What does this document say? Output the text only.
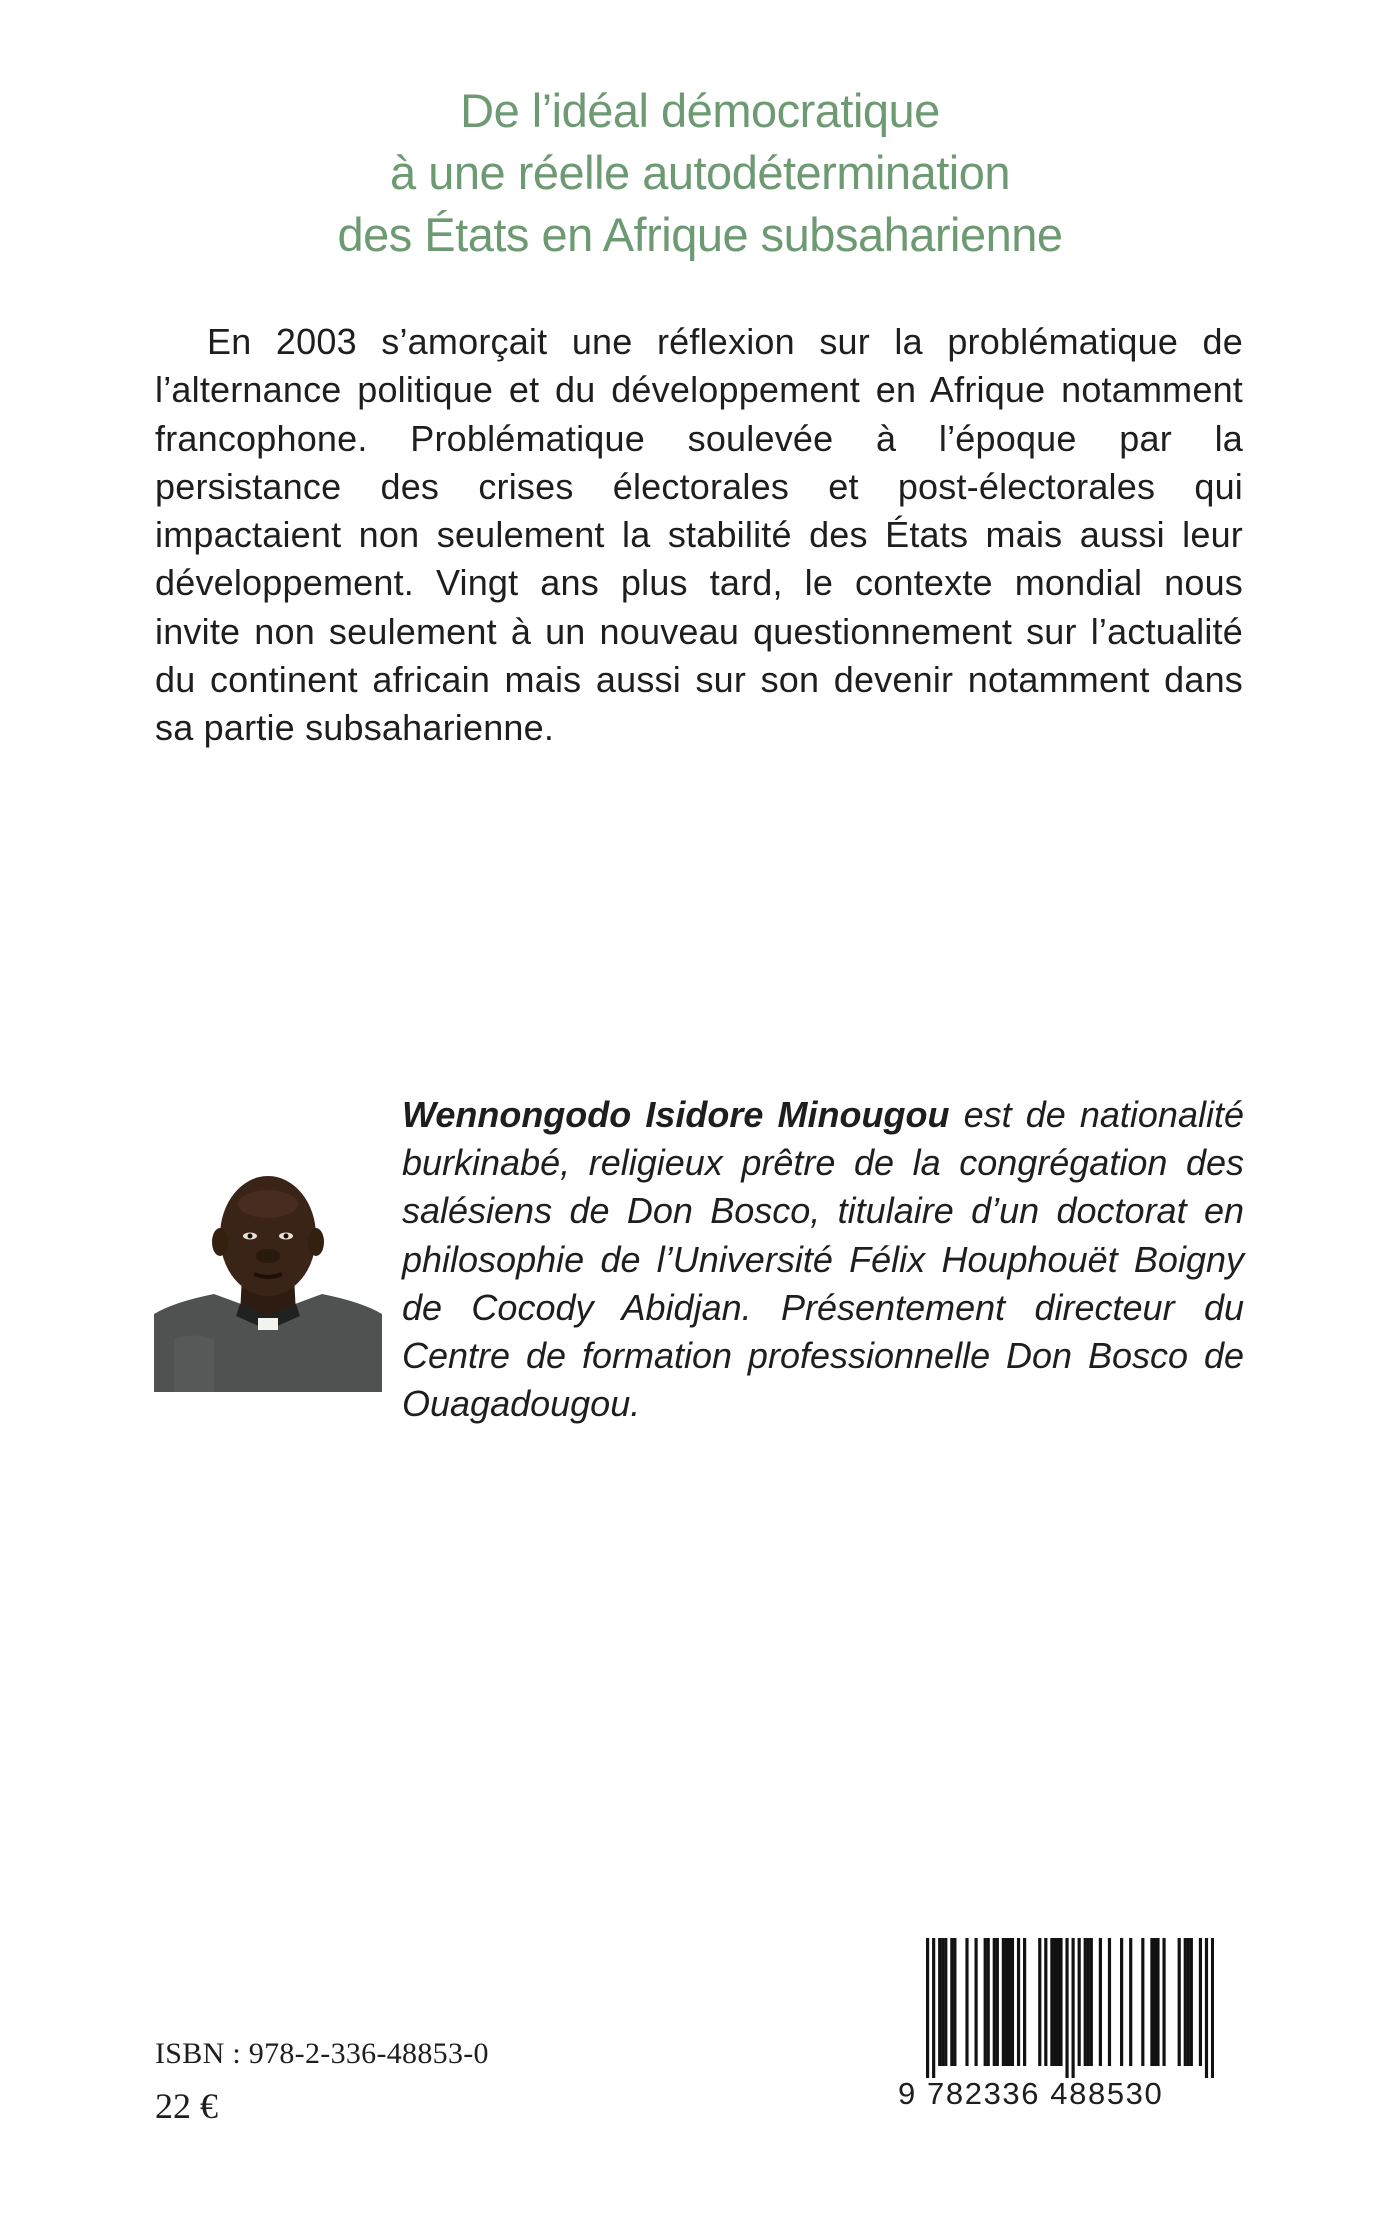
De l’idéal démocratique
à une réelle autodétermination
des États en Afrique subsaharienne

En 2003 s’amorçait une réflexion sur la problématique de l’alternance politique et du développement en Afrique notamment francophone. Problématique soulevée à l’époque par la persistance des crises électorales et post-électorales qui impactaient non seulement la stabilité des États mais aussi leur développement. Vingt ans plus tard, le contexte mondial nous invite non seulement à un nouveau questionnement sur l’actualité du continent africain mais aussi sur son devenir notamment dans sa partie subsaharienne.

Wennongodo Isidore Minougou est de nationalité burkinabé, religieux prêtre de la congrégation des salésiens de Don Bosco, titulaire d’un doctorat en philosophie de l’Université Félix Houphouët Boigny de Cocody Abidjan. Présentement directeur du Centre de formation professionnelle Don Bosco de Ouagadougou.

ISBN : 978-2-336-48853-0
22 €	9 782336 488530
